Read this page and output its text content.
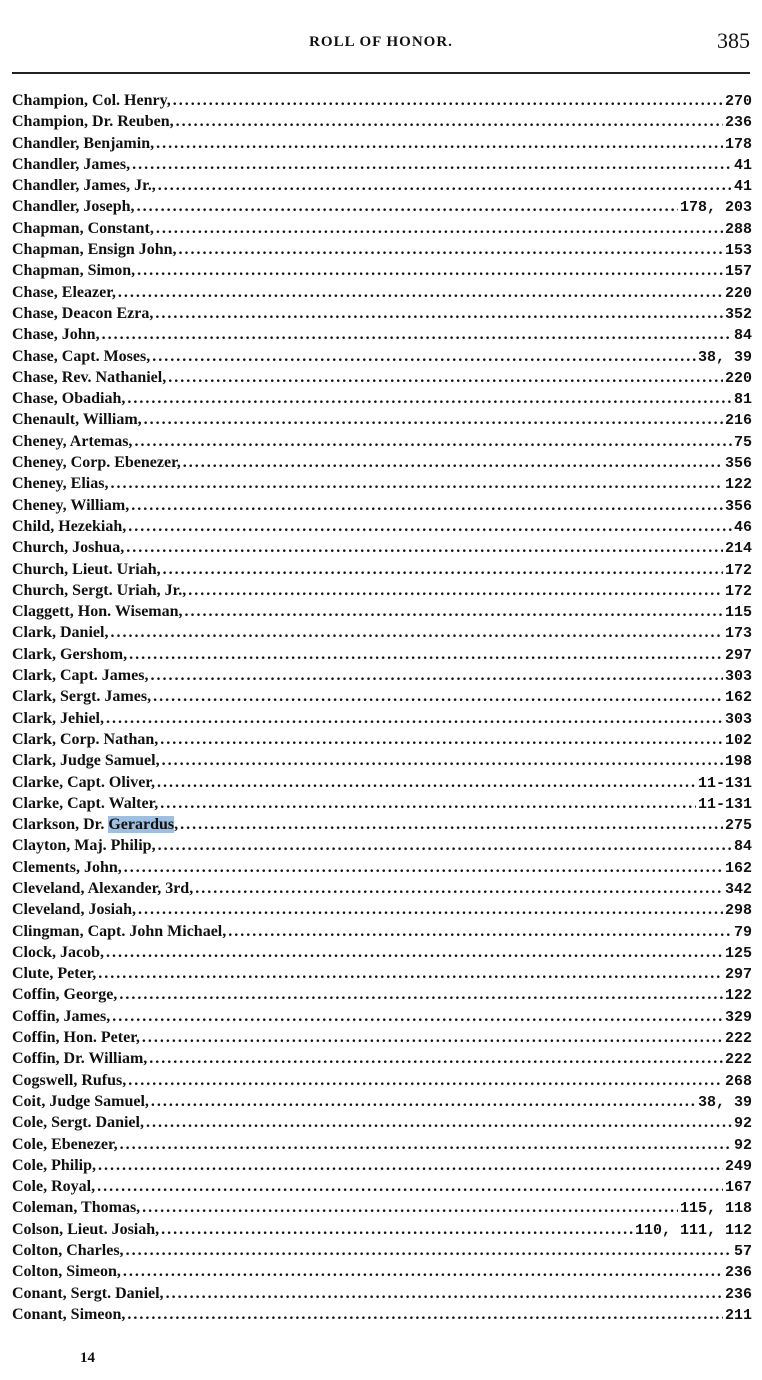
ROLL OF HONOR.	385
Champion, Col. Henry, . . .	270
Champion, Dr. Reuben, . . .	236
Chandler, Benjamin, . . .	178
Chandler, James, . . .	41
Chandler, James, Jr., . . .	41
Chandler, Joseph, . . .	178, 203
Chapman, Constant, . . .	288
Chapman, Ensign John, . . .	153
Chapman, Simon, . . .	157
Chase, Eleazer, . . .	220
Chase, Deacon Ezra, . . .	352
Chase, John, . . .	84
Chase, Capt. Moses, . . .	38, 39
Chase, Rev. Nathaniel, . . .	220
Chase, Obadiah, . . .	81
Chenault, William, . . .	216
Cheney, Artemas, . . .	75
Cheney, Corp. Ebenezer, . . .	356
Cheney, Elias, . . .	122
Cheney, William, . . .	356
Child, Hezekiah, . . .	46
Church, Joshua, . . .	214
Church, Lieut. Uriah, . . .	172
Church, Sergt. Uriah, Jr., . . .	172
Claggett, Hon. Wiseman, . . .	115
Clark, Daniel, . . .	173
Clark, Gershom, . . .	297
Clark, Capt. James, . . .	303
Clark, Sergt. James, . . .	162
Clark, Jehiel, . . .	303
Clark, Corp. Nathan, . . .	102
Clark, Judge Samuel, . . .	198
Clarke, Capt. Oliver, . . .	11-131
Clarke, Capt. Walter, . . .	11-131
Clarkson, Dr. Gerardus, . . .	275
Clayton, Maj. Philip, . . .	84
Clements, John, . . .	162
Cleveland, Alexander, 3rd, . . .	342
Cleveland, Josiah, . . .	298
Clingman, Capt. John Michael, . . .	79
Clock, Jacob, . . .	125
Clute, Peter, . . .	297
Coffin, George, . . .	122
Coffin, James, . . .	329
Coffin, Hon. Peter, . . .	222
Coffin, Dr. William, . . .	222
Cogswell, Rufus, . . .	268
Coit, Judge Samuel, . . .	38, 39
Cole, Sergt. Daniel, . . .	92
Cole, Ebenezer, . . .	92
Cole, Philip, . . .	249
Cole, Royal, . . .	167
Coleman, Thomas, . . .	115, 118
Colson, Lieut. Josiah, . . .	110, 111, 112
Colton, Charles, . . .	57
Colton, Simeon, . . .	236
Conant, Sergt. Daniel, . . .	236
Conant, Simeon, . . .	211
14
